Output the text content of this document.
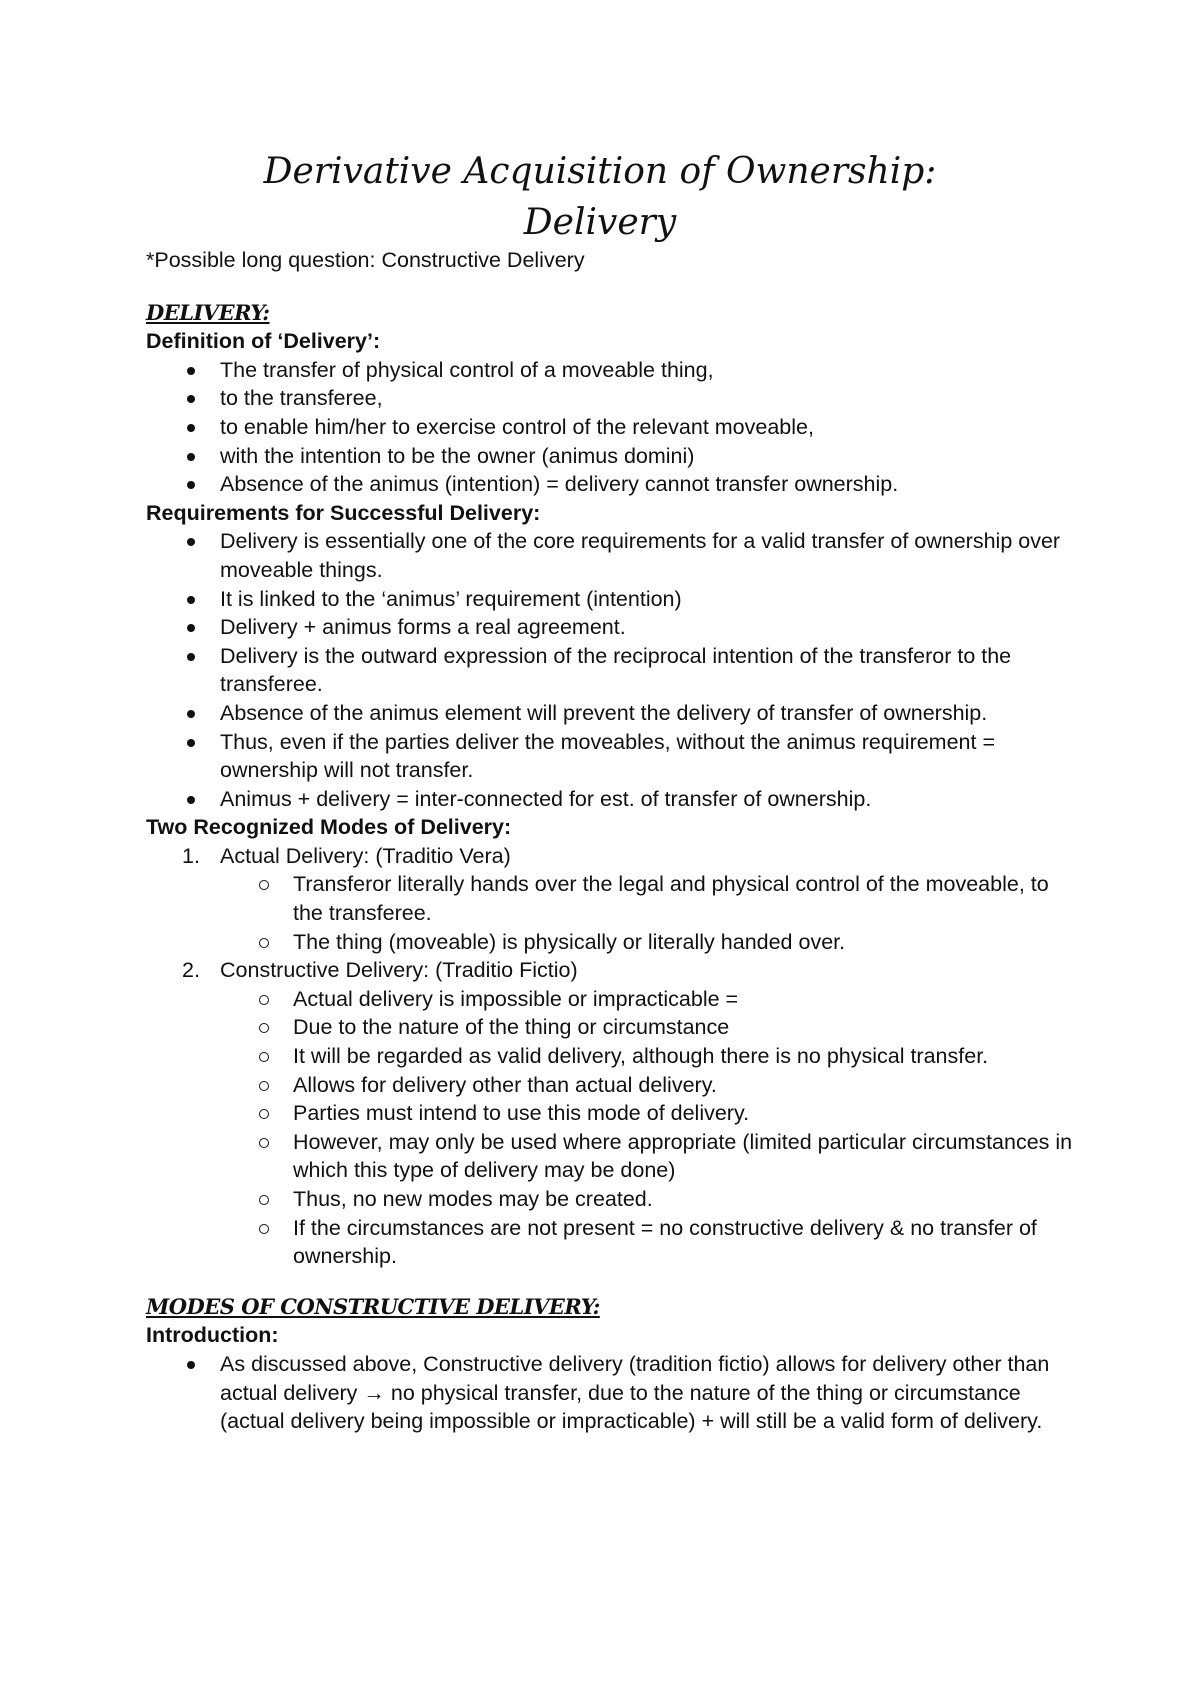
Derivative Acquisition of Ownership:
Delivery

*Possible long question: Constructive Delivery

DELIVERY:

Definition of ‘Delivery’:

The transfer of physical control of a moveable thing,
to the transferee,
to enable him/her to exercise control of the relevant moveable,
with the intention to be the owner (animus domini)
Absence of the animus (intention) = delivery cannot transfer ownership.

Requirements for Successful Delivery:

Delivery is essentially one of the core requirements for a valid transfer of ownership over moveable things.
It is linked to the ‘animus’ requirement (intention)
Delivery + animus forms a real agreement.
Delivery is the outward expression of the reciprocal intention of the transferor to the transferee.
Absence of the animus element will prevent the delivery of transfer of ownership.
Thus, even if the parties deliver the moveables, without the animus requirement = ownership will not transfer.
Animus + delivery = inter-connected for est. of transfer of ownership.

Two Recognized Modes of Delivery:

1. Actual Delivery: (Traditio Vera)
Transferor literally hands over the legal and physical control of the moveable, to the transferee.
The thing (moveable) is physically or literally handed over.
2. Constructive Delivery: (Traditio Fictio)
Actual delivery is impossible or impracticable =
Due to the nature of the thing or circumstance
It will be regarded as valid delivery, although there is no physical transfer.
Allows for delivery other than actual delivery.
Parties must intend to use this mode of delivery.
However, may only be used where appropriate (limited particular circumstances in which this type of delivery may be done)
Thus, no new modes may be created.
If the circumstances are not present = no constructive delivery & no transfer of ownership.

MODES OF CONSTRUCTIVE DELIVERY:

Introduction:

As discussed above, Constructive delivery (tradition fictio) allows for delivery other than actual delivery → no physical transfer, due to the nature of the thing or circumstance (actual delivery being impossible or impracticable) + will still be a valid form of delivery.
